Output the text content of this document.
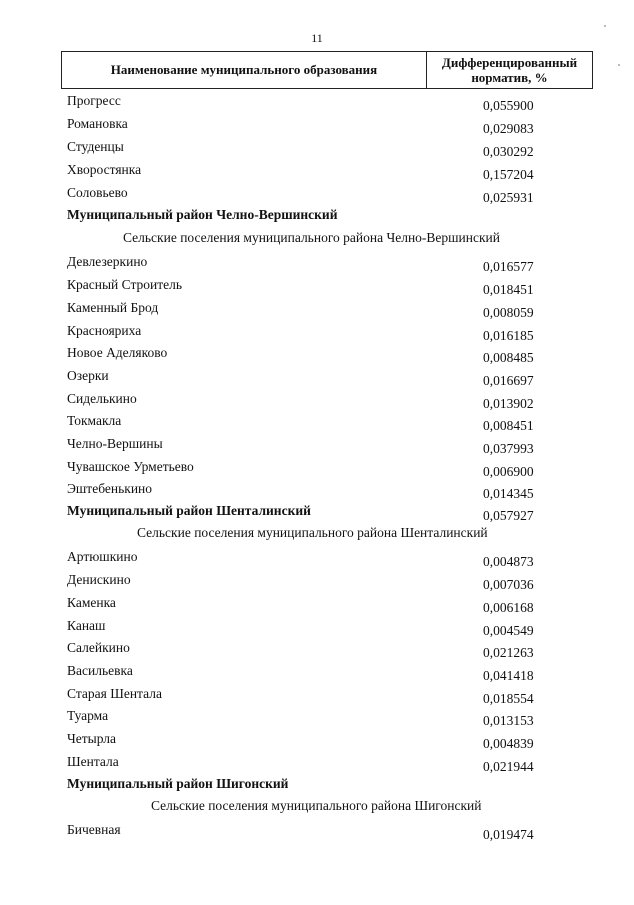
11
Наименование муниципального образования	Дифференцированный
норматив, %
Прогресс	0,055900
Романовка	0,029083
Студенцы	0,030292
Хворостянка	0,157204
Соловьево	0,025931
Муниципальный район Челно-Вершинский
Сельские поселения муниципального района Челно-Вершинский
Девлезеркино	0,016577
Красный Строитель	0,018451
Каменный Брод	0,008059
Краснояриха	0,016185
Новое Аделяково	0,008485
Озерки	0,016697
Сиделькино	0,013902
Токмакла	0,008451
Челно-Вершины	0,037993
Чувашское Урметьево	0,006900
Эштебенькино	0,014345
Муниципальный район Шенталинский	0,057927
Сельские поселения муниципального района Шенталинский
Артюшкино	0,004873
Денискино	0,007036
Каменка	0,006168
Канаш	0,004549
Салейкино	0,021263
Васильевка	0,041418
Старая Шентала	0,018554
Туарма	0,013153
Четырла	0,004839
Шентала	0,021944
Муниципальный район Шигонский
Сельские поселения муниципального района Шигонский
Бичевная	0,019474
